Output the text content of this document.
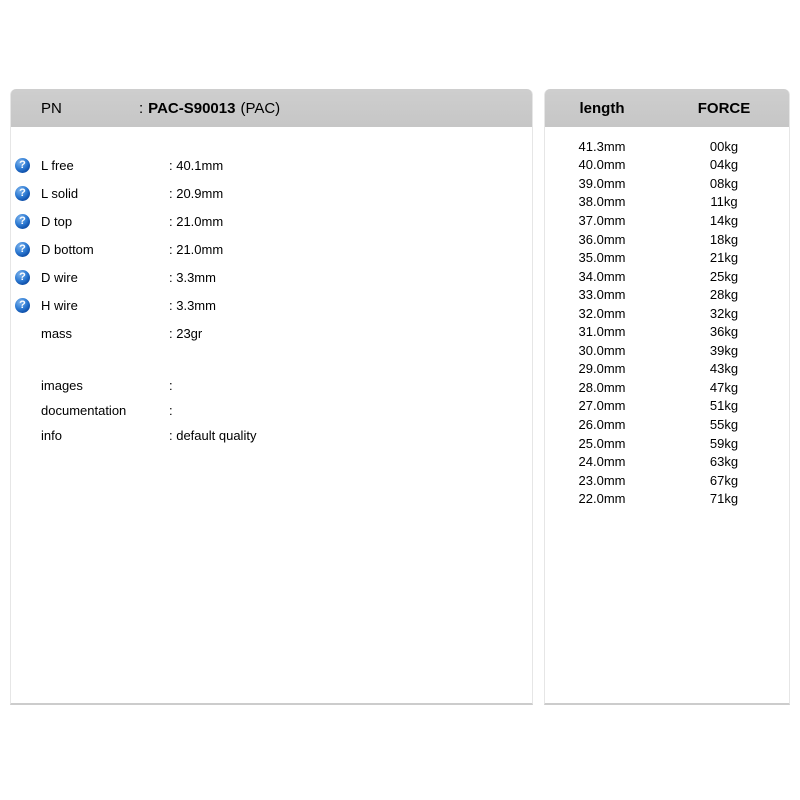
PN	: PAC-S90013 (PAC)
?
L free	: 40.1mm
?
L solid	: 20.9mm
?
D top	: 21.0mm
?
D bottom	: 21.0mm
?
D wire	: 3.3mm
?
H wire	: 3.3mm
mass	: 23gr
images	:
documentation	:
info	: default quality
length	FORCE
41.3mm	00kg
40.0mm	04kg
39.0mm	08kg
38.0mm	11kg
37.0mm	14kg
36.0mm	18kg
35.0mm	21kg
34.0mm	25kg
33.0mm	28kg
32.0mm	32kg
31.0mm	36kg
30.0mm	39kg
29.0mm	43kg
28.0mm	47kg
27.0mm	51kg
26.0mm	55kg
25.0mm	59kg
24.0mm	63kg
23.0mm	67kg
22.0mm	71kg
